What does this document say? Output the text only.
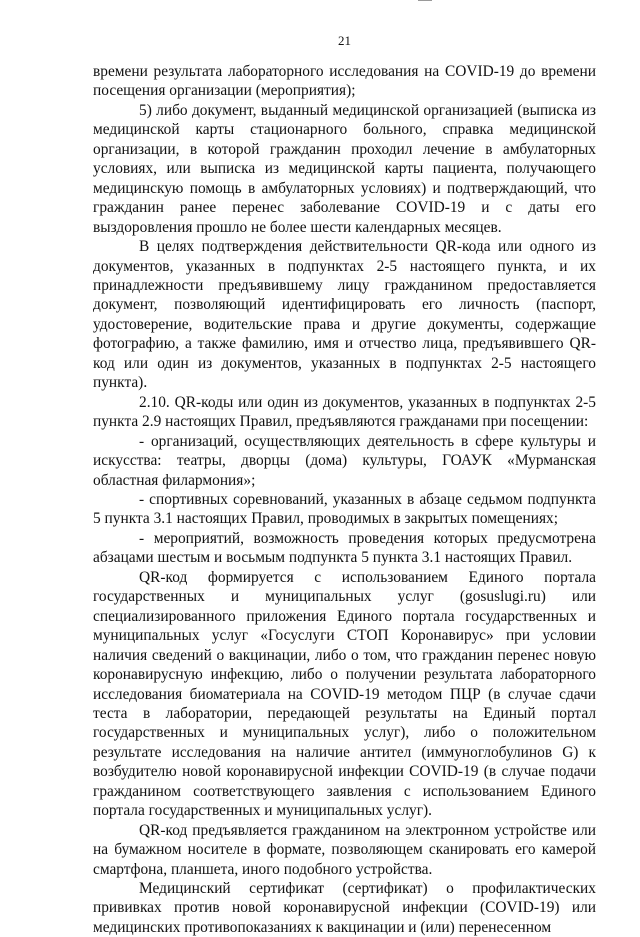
21

времени результата лабораторного исследования на COVID-19 до времени посещения организации (мероприятия);

5) либо документ, выданный медицинской организацией (выписка из медицинской карты стационарного больного, справка медицинской организации, в которой гражданин проходил лечение в амбулаторных условиях, или выписка из медицинской карты пациента, получающего медицинскую помощь в амбулаторных условиях) и подтверждающий, что гражданин ранее перенес заболевание COVID-19 и с даты его выздоровления прошло не более шести календарных месяцев.

В целях подтверждения действительности QR-кода или одного из документов, указанных в подпунктах 2-5 настоящего пункта, и их принадлежности предъявившему лицу гражданином предоставляется документ, позволяющий идентифицировать его личность (паспорт, удостоверение, водительские права и другие документы, содержащие фотографию, а также фамилию, имя и отчество лица, предъявившего QR-код или один из документов, указанных в подпунктах 2-5 настоящего пункта).

2.10. QR-коды или один из документов, указанных в подпунктах 2-5 пункта 2.9 настоящих Правил, предъявляются гражданами при посещении:

- организаций, осуществляющих деятельность в сфере культуры и искусства: театры, дворцы (дома) культуры, ГОАУК «Мурманская областная филармония»;

- спортивных соревнований, указанных в абзаце седьмом подпункта 5 пункта 3.1 настоящих Правил, проводимых в закрытых помещениях;

- мероприятий, возможность проведения которых предусмотрена абзацами шестым и восьмым подпункта 5 пункта 3.1 настоящих Правил.

QR-код формируется с использованием Единого портала государственных и муниципальных услуг (gosuslugi.ru) или специализированного приложения Единого портала государственных и муниципальных услуг «Госуслуги СТОП Коронавирус» при условии наличия сведений о вакцинации, либо о том, что гражданин перенес новую коронавирусную инфекцию, либо о получении результата лабораторного исследования биоматериала на COVID-19 методом ПЦР (в случае сдачи теста в лаборатории, передающей результаты на Единый портал государственных и муниципальных услуг), либо о положительном результате исследования на наличие антител (иммуноглобулинов G) к возбудителю новой коронавирусной инфекции COVID-19 (в случае подачи гражданином соответствующего заявления с использованием Единого портала государственных и муниципальных услуг).

QR-код предъявляется гражданином на электронном устройстве или на бумажном носителе в формате, позволяющем сканировать его камерой смартфона, планшета, иного подобного устройства.

Медицинский сертификат (сертификат) о профилактических прививках против новой коронавирусной инфекции (COVID-19) или медицинских противопоказаниях к вакцинации и (или) перенесенном
